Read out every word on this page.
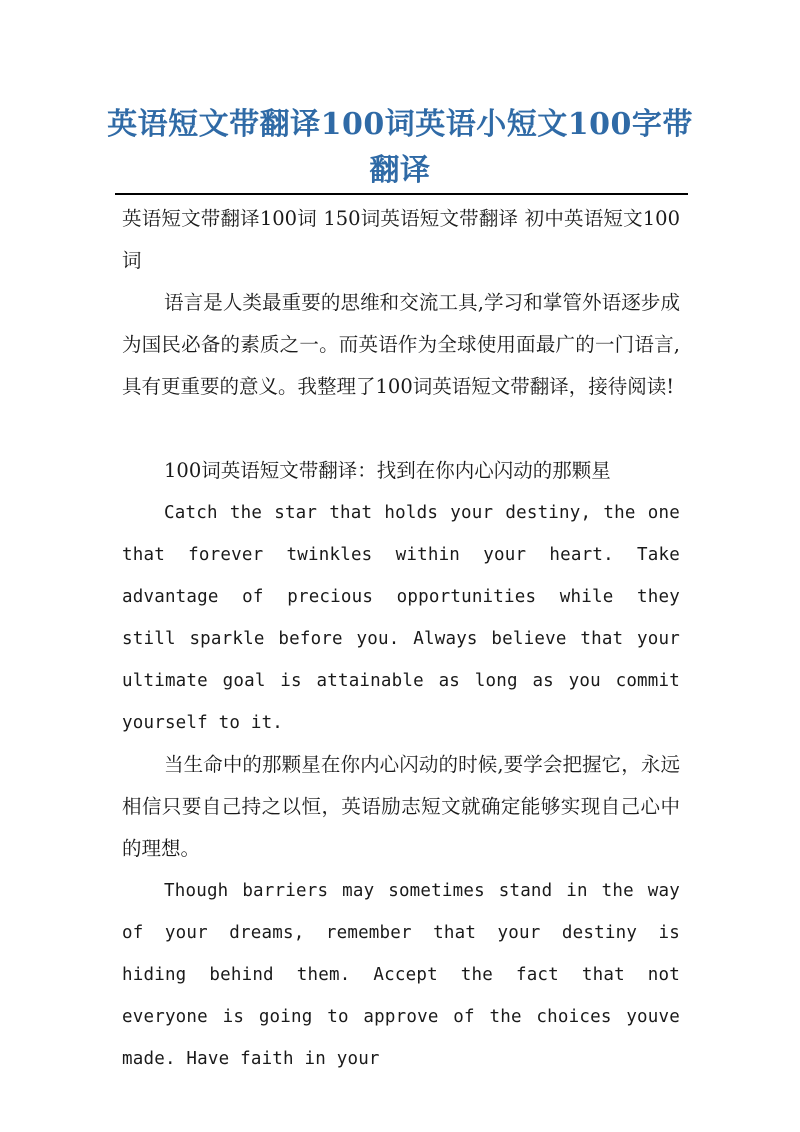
英语短文带翻译100词英语小短文100字带翻译

英语短文带翻译100词 150词英语短文带翻译 初中英语短文100词

语言是人类最重要的思维和交流工具,学习和掌管外语逐步成为国民必备的素质之一。而英语作为全球使用面最广的一门语言,具有更重要的意义。我整理了100词英语短文带翻译，接待阅读!

100词英语短文带翻译：找到在你内心闪动的那颗星

Catch the star that holds your destiny, the one that forever twinkles within your heart. Take advantage of precious opportunities while they still sparkle before you. Always believe that your ultimate goal is attainable as long as you commit yourself to it.

当生命中的那颗星在你内心闪动的时候,要学会把握它，永远相信只要自己持之以恒，英语励志短文就确定能够实现自己心中的理想。

Though barriers may sometimes stand in the way of your dreams, remember that your destiny is hiding behind them. Accept the fact that not everyone is going to approve of the choices youve made. Have faith in your
